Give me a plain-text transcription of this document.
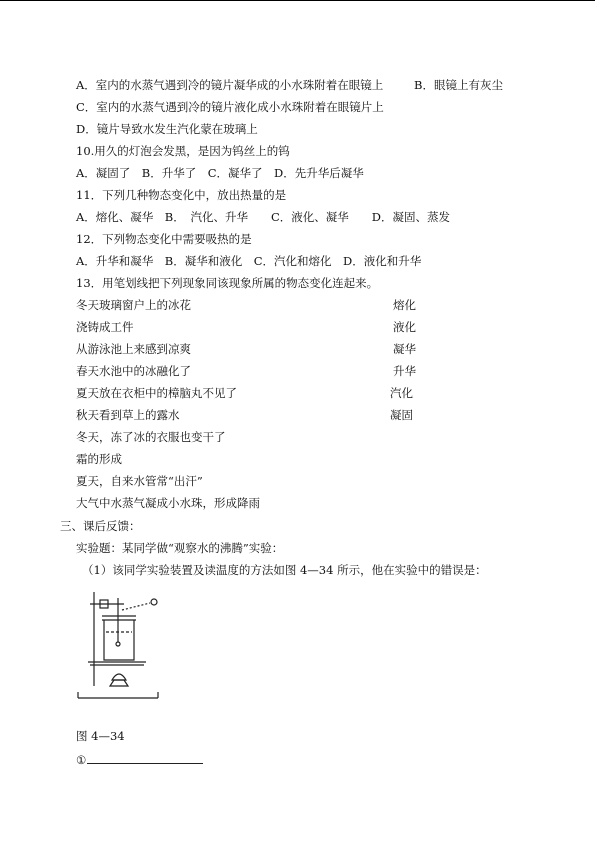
A．室内的水蒸气遇到冷的镜片凝华成的小水珠附着在眼镜上	B．眼镜上有灰尘
C．室内的水蒸气遇到冷的镜片液化成小水珠附着在眼镜片上
D．镜片导致水发生汽化蒙在玻璃上
10.用久的灯泡会发黑，是因为钨丝上的钨
A．凝固了　B．升华了　C．凝华了　D．先升华后凝华
11．下列几种物态变化中，放出热量的是
A．熔化、凝华　B．　汽化、升华　　C．液化、凝华　　D．凝固、蒸发
12．下列物态变化中需要吸热的是
A．升华和凝华　B．凝华和液化　C．汽化和熔化　D．液化和升华
13．用笔划线把下列现象同该现象所属的物态变化连起来。
冬天玻璃窗户上的冰花
浇铸成工件
从游泳池上来感到凉爽
春天水池中的冰融化了
夏天放在衣柜中的樟脑丸不见了
秋天看到草上的露水
冬天，冻了冰的衣服也变干了
霜的形成
夏天，自来水管常“出汗”
大气中水蒸气凝成小水珠，形成降雨
熔化
液化
凝华
升华
汽化
凝固
三、课后反馈：
实验题：某同学做“观察水的沸腾”实验：
（1）该同学实验装置及读温度的方法如图 4—34 所示，他在实验中的错误是：
图 4—34
①
